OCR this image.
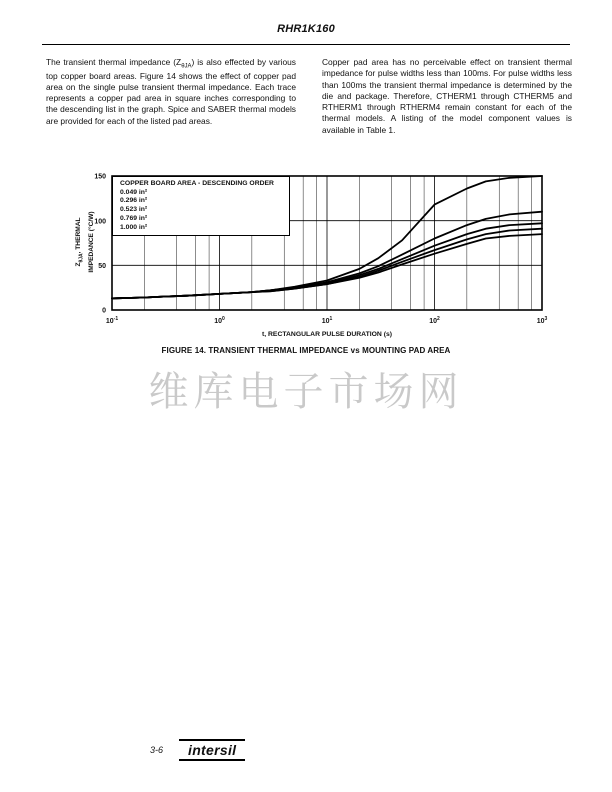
RHR1K160
The transient thermal impedance $(Z_{\theta JA})$ is also effected by various top copper board areas. Figure 14 shows the effect of copper pad area on the single pulse transient thermal impedance. Each trace represents a copper pad area in square inches corresponding to the descending list in the graph. Spice and SABER thermal models are provided for each of the listed pad areas.
Copper pad area has no perceivable effect on transient thermal impedance for pulse widths less than 100ms. For pulse widths less than 100ms the transient thermal impedance is determined by the die and package. Therefore, CTHERM1 through CTHERM5 and RTHERM1 through RTHERM4 remain constant for each of the thermal models. A listing of the model component values is available in Table 1.
0
50
100
150
$10^{-1}$	$10^0$	$10^1$	$10^2$	$10^3$
t, RECTANGULAR PULSE DURATION (s)
COPPER BOARD AREA - DESCENDING ORDER
0.049 in²
0.296 in²
0.523 in²
0.769 in²
1.000 in²
$Z_{\theta JA}$, THERMAL IMPEDANCE (°C/W)
FIGURE 14. TRANSIENT THERMAL IMPEDANCE vs MOUNTING PAD AREA
维库电子市场网
3-6	intersil
